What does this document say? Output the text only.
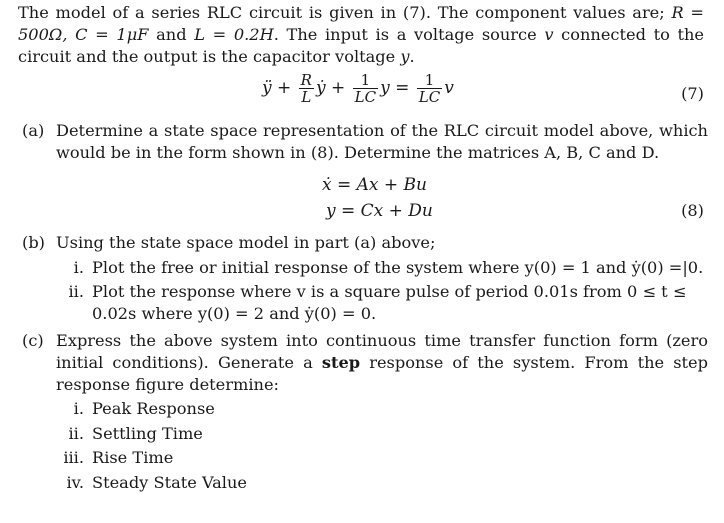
The model of a series RLC circuit is given in (7). The component values are; R = 500Ω, C = 1μF and L = 0.2H. The input is a voltage source v connected to the circuit and the output is the capacitor voltage y.

ÿ + $\frac{R}{L}$ ẏ + $\frac{1}{LC}$ $y = \frac{1}{LC}$ v	(7)
(a) Determine a state space representation of the RLC circuit model above, which would be in the form shown in (8). Determine the matrices A, B, C and D.
ẋ = Ax + Bu
y = Cx + Du	(8)
(b) Using the state space model in part (a) above;
i. Plot the free or initial response of the system where y(0) = 1 and ẏ(0) =|0.
ii. Plot the response where v is a square pulse of period 0.01s from 0 ≤ t ≤ 0.02s where y(0) = 2 and ẏ(0) = 0.
(c) Express the above system into continuous time transfer function form (zero initial conditions). Generate a step response of the system. From the step response figure determine:
i. Peak Response
ii. Settling Time
iii. Rise Time
iv. Steady State Value
